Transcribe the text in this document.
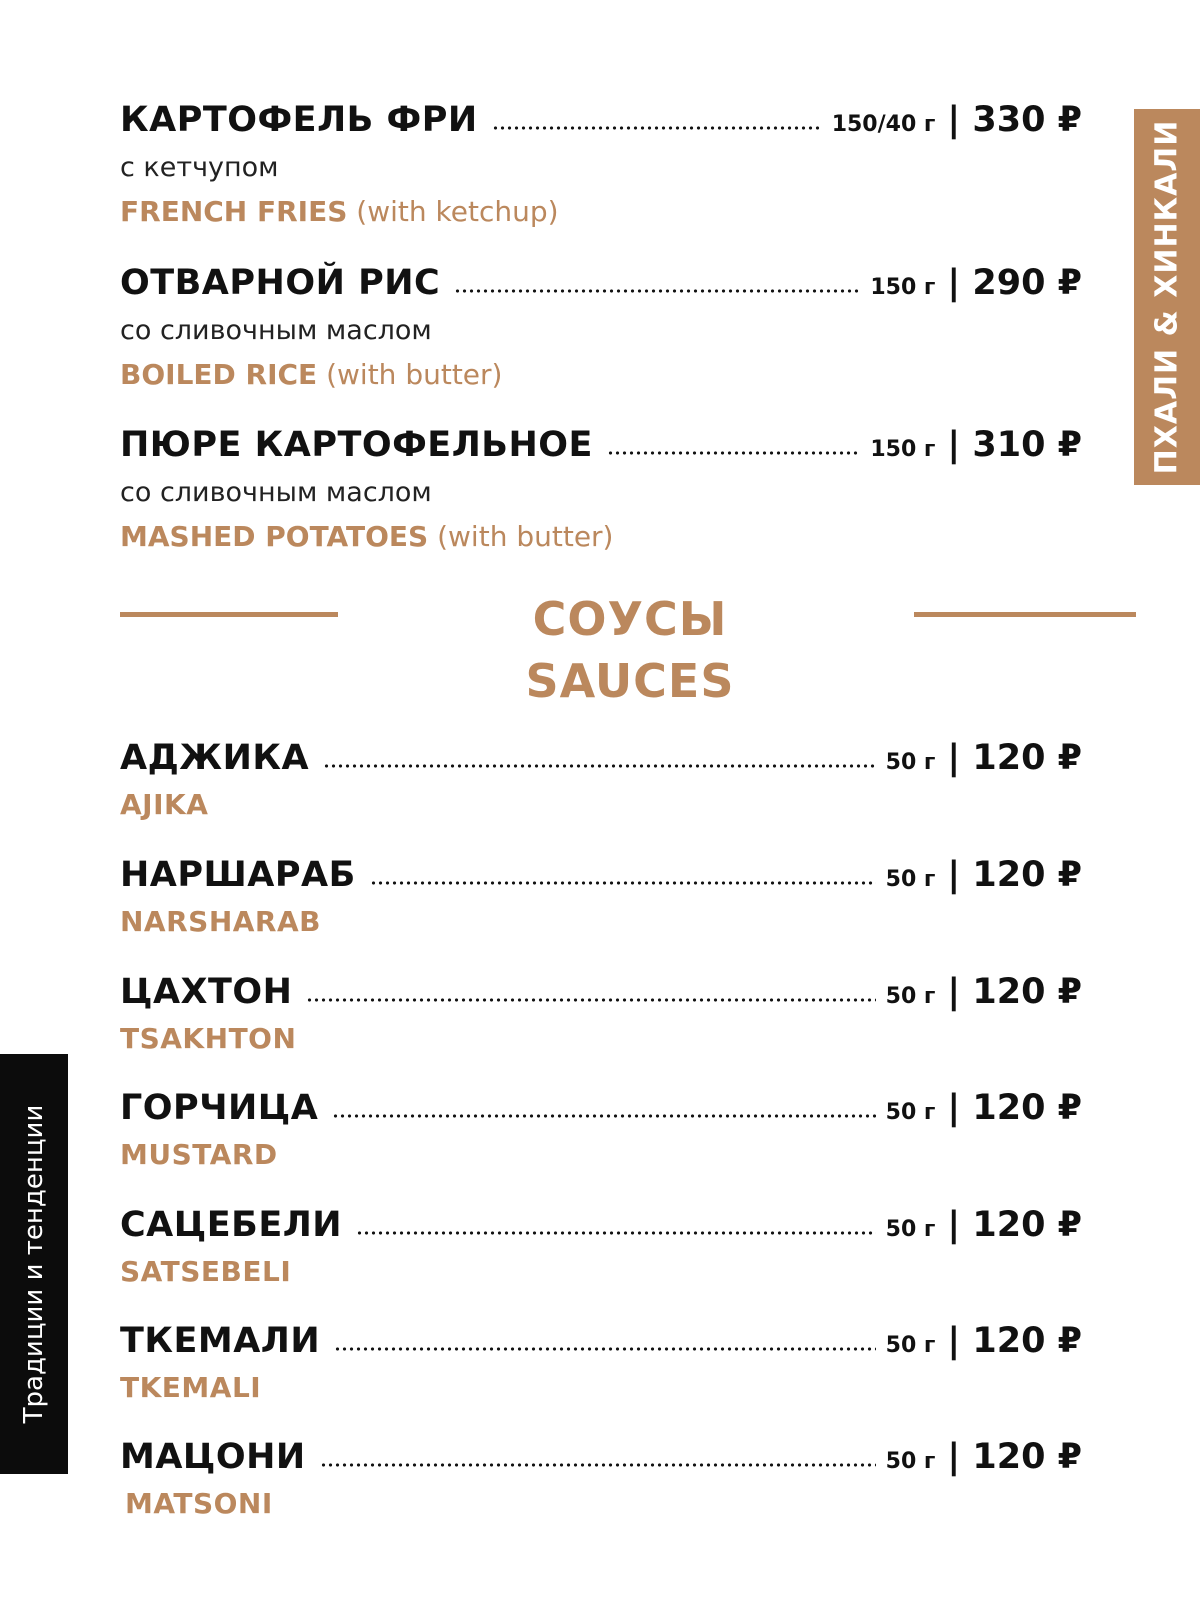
ПХАЛИ & ХИНКАЛИ
Традиции и тенденции
КАРТОФЕЛЬ ФРИ	150/40 г | 330 ₽
с кетчупом
FRENCH FRIES (with ketchup)
ОТВАРНОЙ РИС	150 г | 290 ₽
со сливочным маслом
BOILED RICE (with butter)
ПЮРЕ КАРТОФЕЛЬНОЕ	150 г | 310 ₽
со сливочным маслом
MASHED POTATOES (with butter)
СОУСЫ
SAUCES
АДЖИКА	50 г | 120 ₽
AJIKA
НАРШАРАБ	50 г | 120 ₽
NARSHARAB
ЦАХТОН	50 г | 120 ₽
TSAKHTON
ГОРЧИЦА	50 г | 120 ₽
MUSTARD
САЦЕБЕЛИ	50 г | 120 ₽
SATSEBELI
ТКЕМАЛИ	50 г | 120 ₽
TKEMALI
МАЦОНИ	50 г | 120 ₽
MATSONI
